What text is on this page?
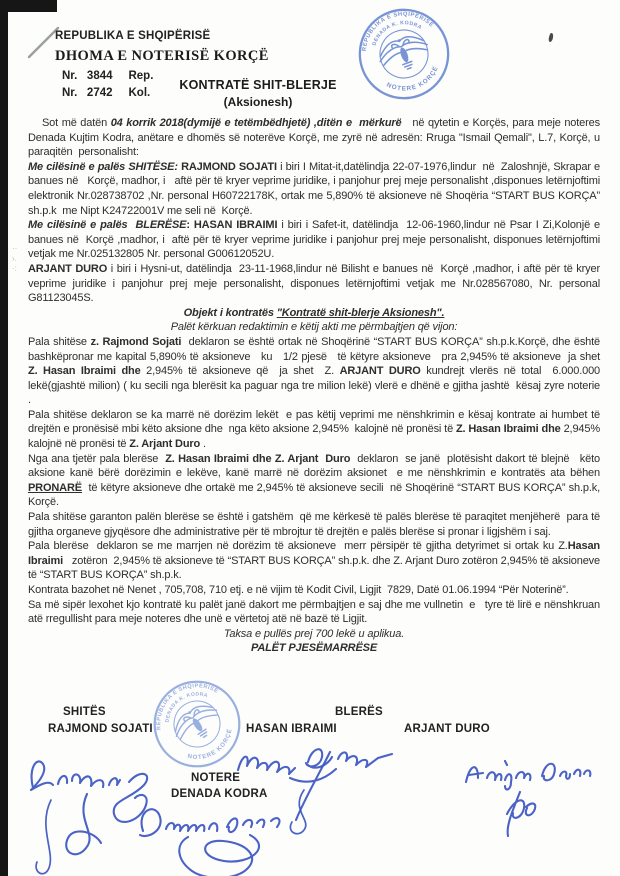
··
›.
·:
REPUBLIKA E SHQIPËRISË
DHOMA E NOTERISË KORÇË
Nr.   3844     Rep.
Nr.   2742     Kol.
KONTRATË SHIT-BLERJE
(Aksionesh)
REPUBLIKA E SHQIPËRISË
DENADA K. KODRA
NOTERE KORÇË

Sot më datën 04 korrik 2018(dymijë e tetëmbëdhjetë) ,ditën e  mërkurë   në qytetin e Korçës, para meje noteres Denada Kujtim Kodra, anëtare e dhomës së noterëve Korçë, me zyrë në adresën: Rruga "Ismail Qemali", L.7, Korçë, u paraqitën  personalisht:

Me cilësinë e palës SHITËSE: RAJMOND SOJATI i biri I Mitat-it,datëlindja 22-07-1976,lindur  në  Zaloshnjë, Skrapar e banues në   Korçë, madhor, i   aftë për të kryer veprime juridike, i panjohur prej meje personalisht ,disponues letërnjoftimi elektronik Nr.028738702 ,Nr. personal H60722178K, ortak me 5,890% të aksioneve në Shoqëria “START BUS KORÇA” sh.p.k  me Nipt K24722001V me seli në  Korçë.

Me cilësinë e palës  BLERËSE: HASAN IBRAIMI i biri i Safet-it, datëlindja  12-06-1960,lindur në Psar I Zi,Kolonjë e banues në  Korçë ,madhor, i  aftë për të kryer veprime juridike i panjohur prej meje personalisht, disponues letërnjoftimi vetjak me Nr.025132805 Nr. personal G00612052U.

ARJANT DURO i biri i Hysni-ut, datëlindja  23-11-1968,lindur në Bilisht e banues në  Korçë ,madhor, i aftë për të kryer veprime juridike i panjohur prej meje personalisht, disponues letërnjoftimi vetjak me Nr.028567080, Nr. personal G81123045S.

Objekt i kontratës "Kontratë shit-blerje Aksionesh".

Palët kërkuan redaktimin e këtij akti me përmbajtjen që vijon:

Pala shitëse z. Rajmond Sojati  deklaron se është ortak në Shoqërinë “START BUS KORÇA” sh.p.k.Korçë, dhe është bashkëpronar me kapital 5,890% të aksioneve   ku   1/2 pjesë   të këtyre aksioneve   pra 2,945% të aksioneve  ja shet    Z. Hasan Ibraimi dhe 2,945% të aksioneve që  ja shet  Z. ARJANT DURO kundrejt vlerës në total  6.000.000 lekë(gjashtë milion) ( ku secili nga blerësit ka paguar nga tre milion lekë) vlerë e dhënë e gjitha jashtë  kësaj zyre noterie  .

Pala shitëse deklaron se ka marrë në dorëzim lekët  e pas këtij veprimi me nënshkrimin e kësaj kontrate ai humbet të drejtën e pronësisë mbi këto aksione dhe  nga këto aksione 2,945%  kalojnë në pronësi të Z. Hasan Ibraimi dhe 2,945%  kalojnë në pronësi të Z. Arjant Duro .

Nga ana tjetër pala blerëse  Z. Hasan Ibraimi dhe Z. Arjant  Duro  deklaron  se janë  plotësisht dakort të blejnë   këto aksione kanë bërë dorëzimin e lekëve, kanë marrë në dorëzim aksionet  e me nënshkrimin e kontratës ata bëhen PRONARË  të këtyre aksioneve dhe ortakë me 2,945% të aksioneve secili  në Shoqërinë “START BUS KORÇA” sh.p.k, Korçë.

Pala shitëse garanton palën blerëse se është i gatshëm  që me kërkesë të palës blerëse të paraqitet menjëherë  para të gjitha organeve gjyqësore dhe administrative për të mbrojtur të drejtën e palës blerëse si pronar i ligjshëm i saj.

Pala blerëse  deklaron se me marrjen në dorëzim të aksioneve  merr përsipër të gjitha detyrimet si ortak ku Z.Hasan Ibraimi   zotëron  2,945% të aksioneve të “START BUS KORÇA” sh.p.k. dhe Z. Arjant Duro zotëron 2,945% të aksioneve të “START BUS KORÇA” sh.p.k.

Kontrata bazohet në Nenet , 705,708, 710 etj. e në vijim të Kodit Civil, Ligjit  7829, Datë 01.06.1994 “Për Noterinë”.

Sa më sipër lexohet kjo kontratë ku palët janë dakort me përmbajtjen e saj dhe me vullnetin  e   tyre të lirë e nënshkruan atë rregullisht para meje noteres dhe unë e vërtetoj atë në bazë të Ligjit.

Taksa e pullës prej 700 lekë u aplikua.

PALËT PJESËMARRËSE

SHITËS	BLERËS
RAJMOND SOJATI	HASAN IBRAIMI	ARJANT DURO
NOTERE
DENADA KODRA
REPUBLIKA E SHQIPËRISË
DENADA K. KODRA
NOTERE KORÇË
